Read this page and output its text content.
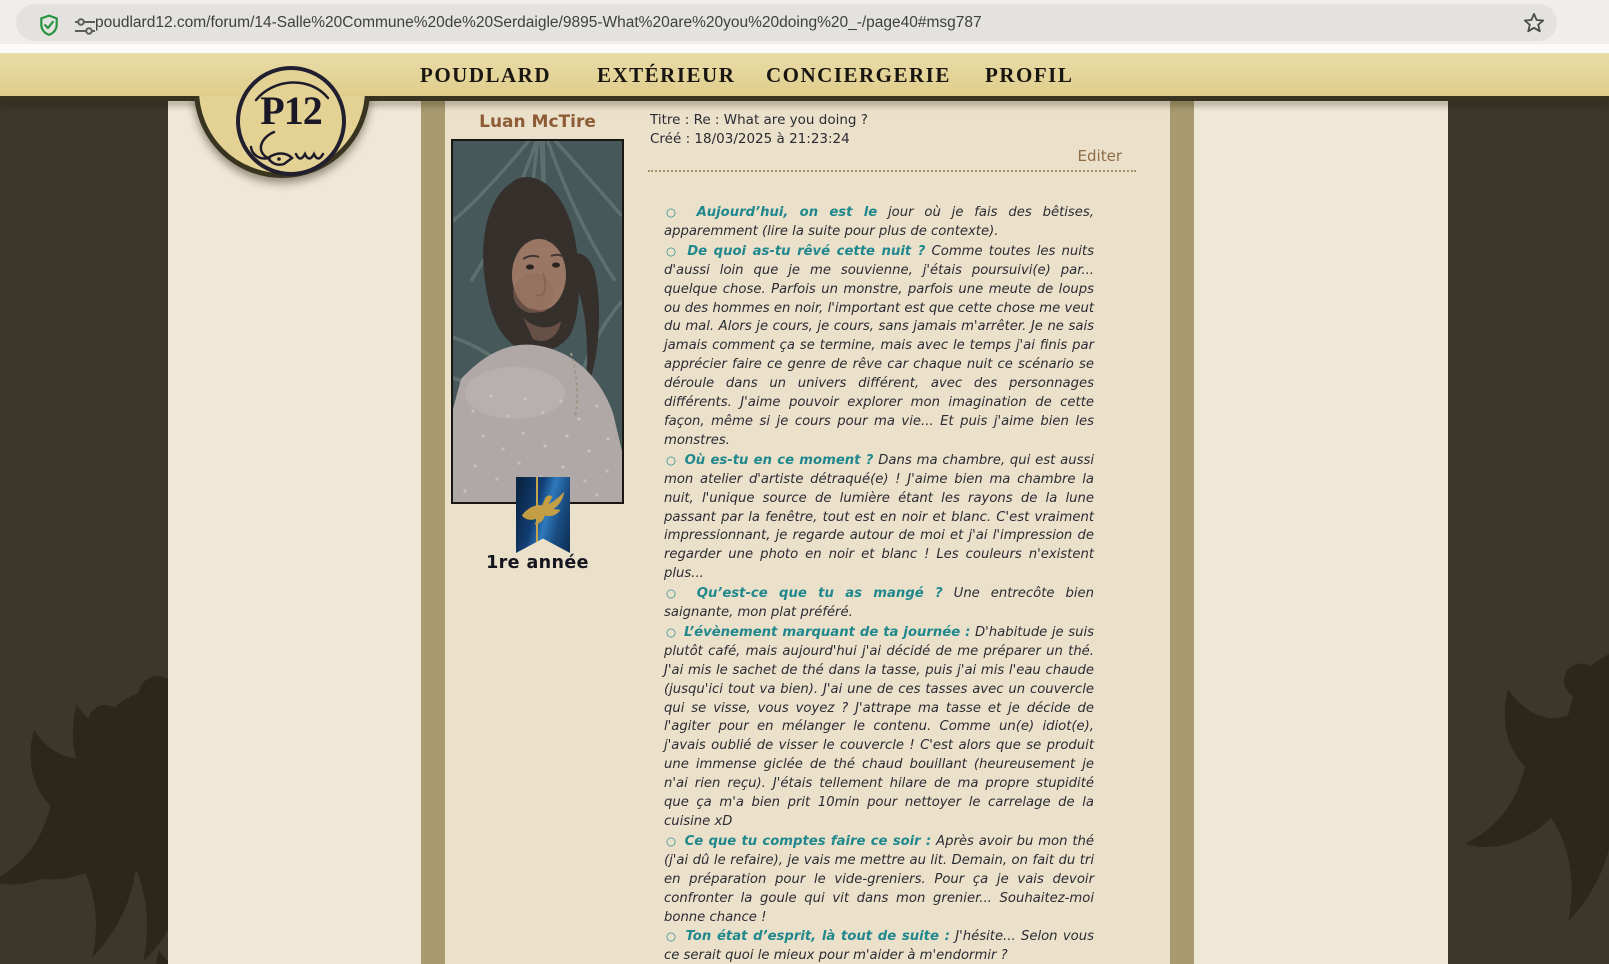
Luan McTire
1re année
Titre : Re : What are you doing ?
Créé : 18/03/2025 à 21:23:24
Editer
○ Aujourd’hui, on est le jour où je fais des bêtises, apparemment (lire la suite pour plus de contexte).
○ De quoi as-tu rêvé cette nuit ? Comme toutes les nuits d'aussi loin que je me souvienne, j'étais poursuivi(e) par... quelque chose. Parfois un monstre, parfois une meute de loups ou des hommes en noir, l'important est que cette chose me veut du mal. Alors je cours, je cours, sans jamais m'arrêter. Je ne sais jamais comment ça se termine, mais avec le temps j'ai finis par apprécier faire ce genre de rêve car chaque nuit ce scénario se déroule dans un univers différent, avec des personnages différents. J'aime pouvoir explorer mon imagination de cette façon, même si je cours pour ma vie... Et puis j'aime bien les monstres.
○ Où es-tu en ce moment ? Dans ma chambre, qui est aussi mon atelier d'artiste détraqué(e) ! J'aime bien ma chambre la nuit, l'unique source de lumière étant les rayons de la lune passant par la fenêtre, tout est en noir et blanc. C'est vraiment impressionnant, je regarde autour de moi et j'ai l'impression de regarder une photo en noir et blanc ! Les couleurs n'existent plus...
○ Qu’est-ce que tu as mangé ? Une entrecôte bien saignante, mon plat préféré.
○ L’évènement marquant de ta journée : D'habitude je suis plutôt café, mais aujourd'hui j'ai décidé de me préparer un thé. J'ai mis le sachet de thé dans la tasse, puis j'ai mis l'eau chaude (jusqu'ici tout va bien). J'ai une de ces tasses avec un couvercle qui se visse, vous voyez ? J'attrape ma tasse et je décide de l'agiter pour en mélanger le contenu. Comme un(e) idiot(e), j'avais oublié de visser le couvercle ! C'est alors que se produit une immense giclée de thé chaud bouillant (heureusement je n'ai rien reçu). J'étais tellement hilare de ma propre stupidité que ça m'a bien prit 10min pour nettoyer le carrelage de la cuisine xD
○ Ce que tu comptes faire ce soir : Après avoir bu mon thé (j'ai dû le refaire), je vais me mettre au lit. Demain, on fait du tri en préparation pour le vide-greniers. Pour ça je vais devoir confronter la goule qui vit dans mon grenier... Souhaitez-moi bonne chance !
○ Ton état d’esprit, là tout de suite : J'hésite... Selon vous ce serait quoi le mieux pour m'aider à m'endormir ?
POUDLARD EXTÉRIEUR CONCIERGERIE PROFIL
P12
poudlard12.com/forum/14-Salle%20Commune%20de%20Serdaigle/9895-What%20are%20you%20doing%20_-/page40#msg787
